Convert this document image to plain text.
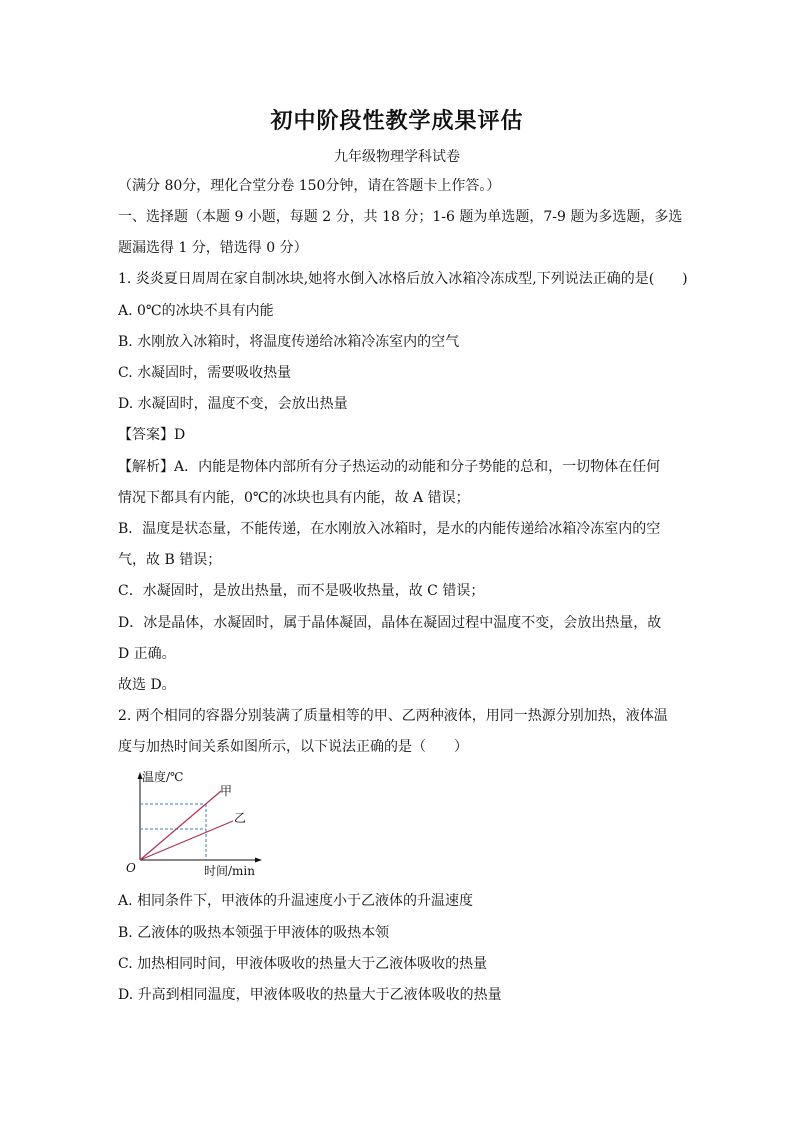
初中阶段性教学成果评估
九年级物理学科试卷
（满分 80分，理化合堂分卷 150分钟，请在答题卡上作答。）
一、选择题（本题 9 小题，每题 2 分，共 18 分；1-6 题为单选题，7-9 题为多选题，多选
题漏选得 1 分，错选得 0 分）
1. 炎炎夏日周周在家自制冰块,她将水倒入冰格后放入冰箱冷冻成型,下列说法正确的是(　　)
A. 0℃的冰块不具有内能
B. 水刚放入冰箱时，将温度传递给冰箱冷冻室内的空气
C. 水凝固时，需要吸收热量
D. 水凝固时，温度不变，会放出热量
【答案】D
【解析】A．内能是物体内部所有分子热运动的动能和分子势能的总和，一切物体在任何
情况下都具有内能，0℃的冰块也具有内能，故 A 错误；
B．温度是状态量，不能传递，在水刚放入冰箱时，是水的内能传递给冰箱冷冻室内的空
气，故 B 错误；
C．水凝固时，是放出热量，而不是吸收热量，故 C 错误；
D．冰是晶体，水凝固时，属于晶体凝固，晶体在凝固过程中温度不变，会放出热量，故
D 正确。
故选 D。
2. 两个相同的容器分别装满了质量相等的甲、乙两种液体，用同一热源分别加热，液体温
度与加热时间关系如图所示，以下说法正确的是（　　）
温度/℃
时间/min
O
甲
乙
A. 相同条件下，甲液体的升温速度小于乙液体的升温速度
B. 乙液体的吸热本领强于甲液体的吸热本领
C. 加热相同时间，甲液体吸收的热量大于乙液体吸收的热量
D. 升高到相同温度，甲液体吸收的热量大于乙液体吸收的热量
